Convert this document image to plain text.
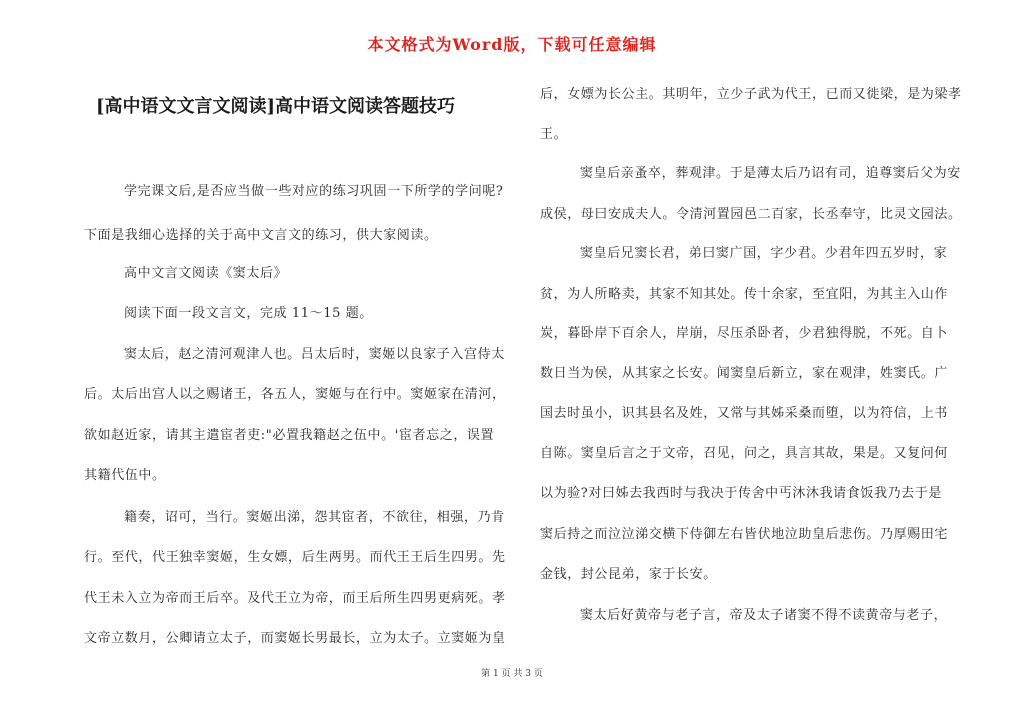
本文格式为Word版，下载可任意编辑
[高中语文文言文阅读]高中语文阅读答题技巧
学完课文后,是否应当做一些对应的练习巩固一下所学的学问呢?
下面是我细心选择的关于高中文言文的练习，供大家阅读。
高中文言文阅读《窦太后》
阅读下面一段文言文，完成 11～15 题。
窦太后，赵之清河观津人也。吕太后时，窦姬以良家子入宫侍太
后。太后出宫人以之赐诸王，各五人，窦姬与在行中。窦姬家在清河，
欲如赵近家，请其主遣宦者吏:"必置我籍赵之伍中。'宦者忘之，误置
其籍代伍中。
籍奏，诏可，当行。窦姬出涕，怨其宦者，不欲往，相强，乃肯
行。至代，代王独幸窦姬，生女嫖，后生两男。而代王王后生四男。先
代王未入立为帝而王后卒。及代王立为帝，而王后所生四男更病死。孝
文帝立数月，公卿请立太子，而窦姬长男最长，立为太子。立窦姬为皇
后，女嫖为长公主。其明年，立少子武为代王，已而又徙梁，是为梁孝
王。
窦皇后亲蚤卒，葬观津。于是薄太后乃诏有司，追尊窦后父为安
成侯，母曰安成夫人。令清河置园邑二百家，长丞奉守，比灵文园法。
窦皇后兄窦长君，弟曰窦广国，字少君。少君年四五岁时，家
贫，为人所略卖，其家不知其处。传十余家，至宜阳，为其主入山作
炭，暮卧岸下百余人，岸崩，尽压杀卧者，少君独得脱，不死。自卜
数日当为侯，从其家之长安。闻窦皇后新立，家在观津，姓窦氏。广
国去时虽小，识其县名及姓，又常与其姊采桑而堕，以为符信，上书
自陈。窦皇后言之于文帝，召见，问之，具言其故，果是。又复问何
以为验?对曰姊去我西时与我决于传舍中丐沐沐我请食饭我乃去于是
窦后持之而泣泣涕交横下侍御左右皆伏地泣助皇后悲伤。乃厚赐田宅
金钱，封公昆弟，家于长安。
窦太后好黄帝与老子言，帝及太子诸窦不得不读黄帝与老子，
第 1 页 共 3 页
